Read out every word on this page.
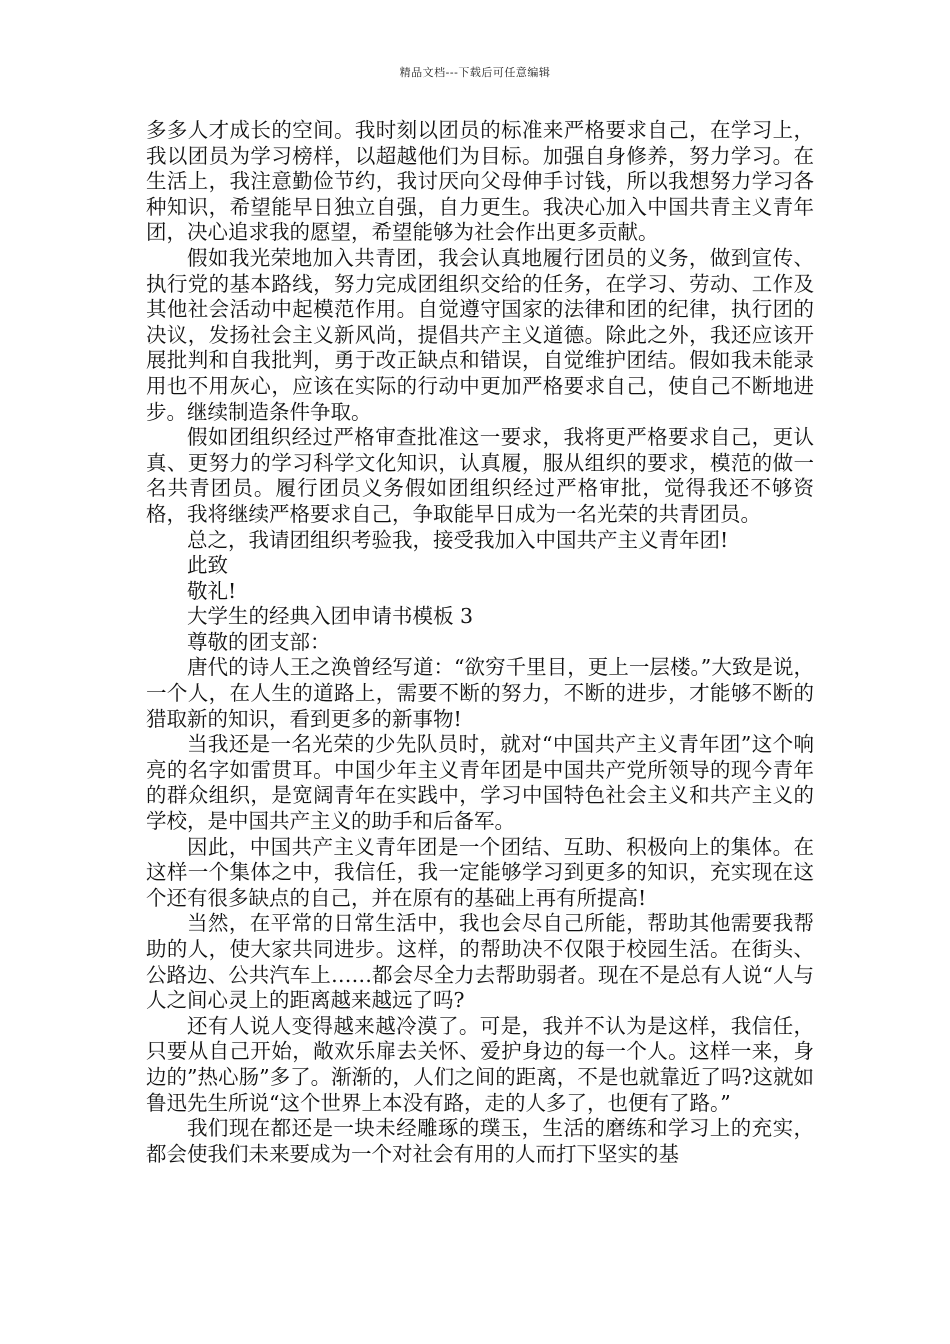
精品文档---下载后可任意编辑

多多人才成长的空间。我时刻以团员的标准来严格要求自己，在学习上，我以团员为学习榜样，以超越他们为目标。加强自身修养，努力学习。在生活上，我注意勤俭节约，我讨厌向父母伸手讨钱，所以我想努力学习各种知识，希望能早日独立自强，自力更生。我决心加入中国共青主义青年团，决心追求我的愿望，希望能够为社会作出更多贡献。

假如我光荣地加入共青团，我会认真地履行团员的义务，做到宣传、执行党的基本路线，努力完成团组织交给的任务，在学习、劳动、工作及其他社会活动中起模范作用。自觉遵守国家的法律和团的纪律，执行团的决议，发扬社会主义新风尚，提倡共产主义道德。除此之外，我还应该开展批判和自我批判，勇于改正缺点和错误，自觉维护团结。假如我未能录用也不用灰心，应该在实际的行动中更加严格要求自己，使自己不断地进步。继续制造条件争取。

假如团组织经过严格审查批准这一要求，我将更严格要求自己，更认真、更努力的学习科学文化知识，认真履，服从组织的要求，模范的做一名共青团员。履行团员义务假如团组织经过严格审批，觉得我还不够资格，我将继续严格要求自己，争取能早日成为一名光荣的共青团员。

总之，我请团组织考验我，接受我加入中国共产主义青年团!

此致

敬礼!

大学生的经典入团申请书模板 3

尊敬的团支部：

唐代的诗人王之涣曾经写道：“欲穷千里目，更上一层楼。”大致是说，一个人，在人生的道路上，需要不断的努力，不断的进步，才能够不断的猎取新的知识，看到更多的新事物!

当我还是一名光荣的少先队员时，就对“中国共产主义青年团”这个响亮的名字如雷贯耳。中国少年主义青年团是中国共产党所领导的现今青年的群众组织，是宽阔青年在实践中，学习中国特色社会主义和共产主义的学校，是中国共产主义的助手和后备军。

因此，中国共产主义青年团是一个团结、互助、积极向上的集体。在这样一个集体之中，我信任，我一定能够学习到更多的知识，充实现在这个还有很多缺点的自己，并在原有的基础上再有所提高!

当然，在平常的日常生活中，我也会尽自己所能，帮助其他需要我帮助的人，使大家共同进步。这样，的帮助决不仅限于校园生活。在街头、公路边、公共汽车上……都会尽全力去帮助弱者。现在不是总有人说“人与人之间心灵上的距离越来越远了吗?

还有人说人变得越来越冷漠了。可是，我并不认为是这样，我信任，只要从自己开始，敞欢乐扉去关怀、爱护身边的每一个人。这样一来，身边的”热心肠”多了。渐渐的，人们之间的距离，不是也就靠近了吗?这就如鲁迅先生所说“这个世界上本没有路，走的人多了，也便有了路。”

我们现在都还是一块未经雕琢的璞玉，生活的磨练和学习上的充实，都会使我们未来要成为一个对社会有用的人而打下坚实的基
